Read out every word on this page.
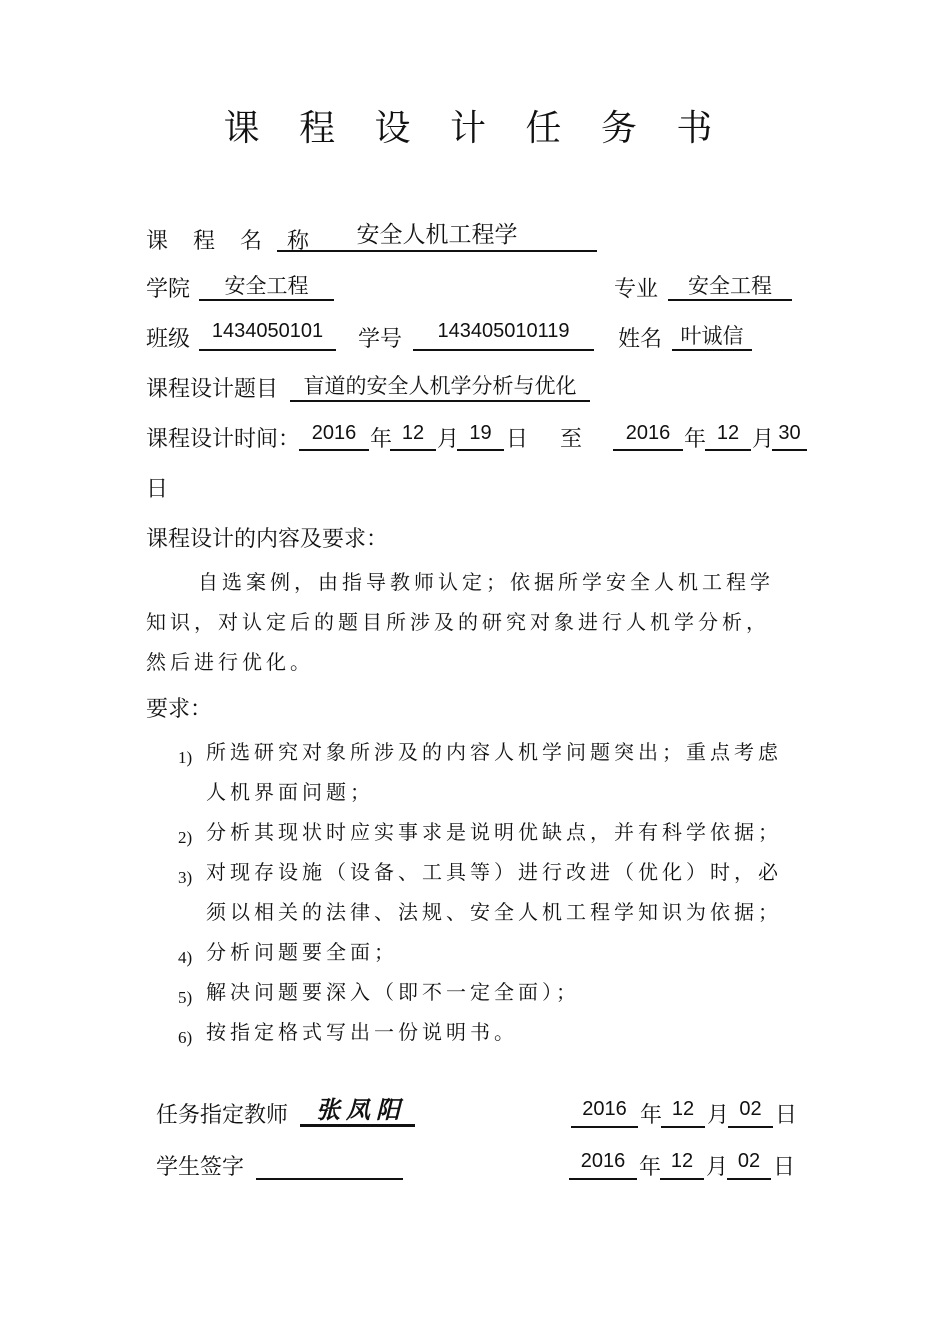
课 程 设 计 任 务 书
课 程 名 称	安全人机工程学
学院	安全工程	专业	安全工程
班级	1434050101	学号	143405010119	姓名 叶诚信
课程设计题目	盲道的安全人机学分析与优化
课程设计时间： 2016 年 12 月 19 日 至	2016 年 12 月 30
日
课程设计的内容及要求：
自选案例，由指导教师认定；依据所学安全人机工程学
知识，对认定后的题目所涉及的研究对象进行人机学分析，
然后进行优化。
要求：
1) 所选研究对象所涉及的内容人机学问题突出；重点考虑
人机界面问题；
2) 分析其现状时应实事求是说明优缺点，并有科学依据；
3) 对现存设施（设备、工具等）进行改进（优化）时，必
须以相关的法律、法规、安全人机工程学知识为依据；
4) 分析问题要全面；
5) 解决问题要深入（即不一定全面）；
6) 按指定格式写出一份说明书。
任务指定教师 张凤阳	2016 年 12 月 02 日
学生签字	2016 年 12 月 02 日
